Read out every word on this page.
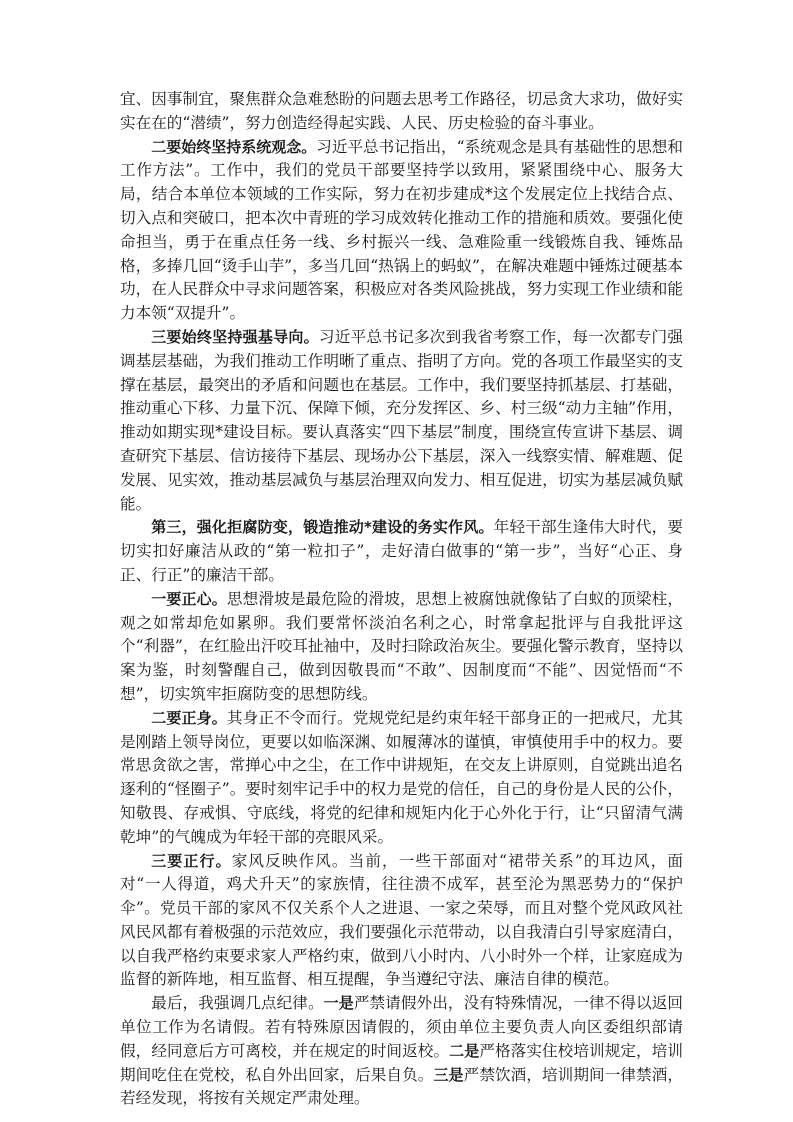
宜、因事制宜，聚焦群众急难愁盼的问题去思考工作路径，切忌贪大求功，做好实实在在的“潜绩”，努力创造经得起实践、人民、历史检验的奋斗事业。

二要始终坚持系统观念。习近平总书记指出，“系统观念是具有基础性的思想和工作方法”。工作中，我们的党员干部要坚持学以致用，紧紧围绕中心、服务大局，结合本单位本领域的工作实际，努力在初步建成*这个发展定位上找结合点、切入点和突破口，把本次中青班的学习成效转化推动工作的措施和质效。要强化使命担当，勇于在重点任务一线、乡村振兴一线、急难险重一线锻炼自我、锤炼品格，多捧几回“烫手山芋”，多当几回“热锅上的蚂蚁”，在解决难题中锤炼过硬基本功，在人民群众中寻求问题答案，积极应对各类风险挑战，努力实现工作业绩和能力本领“双提升”。

三要始终坚持强基导向。习近平总书记多次到我省考察工作，每一次都专门强调基层基础，为我们推动工作明晰了重点、指明了方向。党的各项工作最坚实的支撑在基层，最突出的矛盾和问题也在基层。工作中，我们要坚持抓基层、打基础，推动重心下移、力量下沉、保障下倾，充分发挥区、乡、村三级“动力主轴”作用，推动如期实现*建设目标。要认真落实“四下基层”制度，围绕宣传宣讲下基层、调查研究下基层、信访接待下基层、现场办公下基层，深入一线察实情、解难题、促发展、见实效，推动基层减负与基层治理双向发力、相互促进，切实为基层减负赋能。

第三，强化拒腐防变，锻造推动*建设的务实作风。年轻干部生逢伟大时代，要切实扣好廉洁从政的“第一粒扣子”，走好清白做事的“第一步”，当好“心正、身正、行正”的廉洁干部。

一要正心。思想滑坡是最危险的滑坡，思想上被腐蚀就像钻了白蚁的顶梁柱，观之如常却危如累卵。我们要常怀淡泊名利之心，时常拿起批评与自我批评这个“利器”，在红脸出汗咬耳扯袖中，及时扫除政治灰尘。要强化警示教育，坚持以案为鉴，时刻警醒自己，做到因敬畏而“不敢”、因制度而“不能”、因觉悟而“不想”，切实筑牢拒腐防变的思想防线。

二要正身。其身正不令而行。党规党纪是约束年轻干部身正的一把戒尺，尤其是刚踏上领导岗位，更要以如临深渊、如履薄冰的谨慎，审慎使用手中的权力。要常思贪欲之害，常掸心中之尘，在工作中讲规矩，在交友上讲原则，自觉跳出追名逐利的“怪圈子”。要时刻牢记手中的权力是党的信任，自己的身份是人民的公仆，知敬畏、存戒惧、守底线，将党的纪律和规矩内化于心外化于行，让“只留清气满乾坤”的气魄成为年轻干部的亮眼风采。

三要正行。家风反映作风。当前，一些干部面对“裙带关系”的耳边风，面对“一人得道，鸡犬升天”的家族情，往往溃不成军，甚至沦为黑恶势力的“保护伞”。党员干部的家风不仅关系个人之进退、一家之荣辱，而且对整个党风政风社风民风都有着极强的示范效应，我们要强化示范带动，以自我清白引导家庭清白，以自我严格约束要求家人严格约束，做到八小时内、八小时外一个样，让家庭成为监督的新阵地，相互监督、相互提醒，争当遵纪守法、廉洁自律的模范。

最后，我强调几点纪律。一是严禁请假外出，没有特殊情况，一律不得以返回单位工作为名请假。若有特殊原因请假的，须由单位主要负责人向区委组织部请假，经同意后方可离校，并在规定的时间返校。二是严格落实住校培训规定，培训期间吃住在党校，私自外出回家，后果自负。三是严禁饮酒，培训期间一律禁酒，若经发现，将按有关规定严肃处理。
